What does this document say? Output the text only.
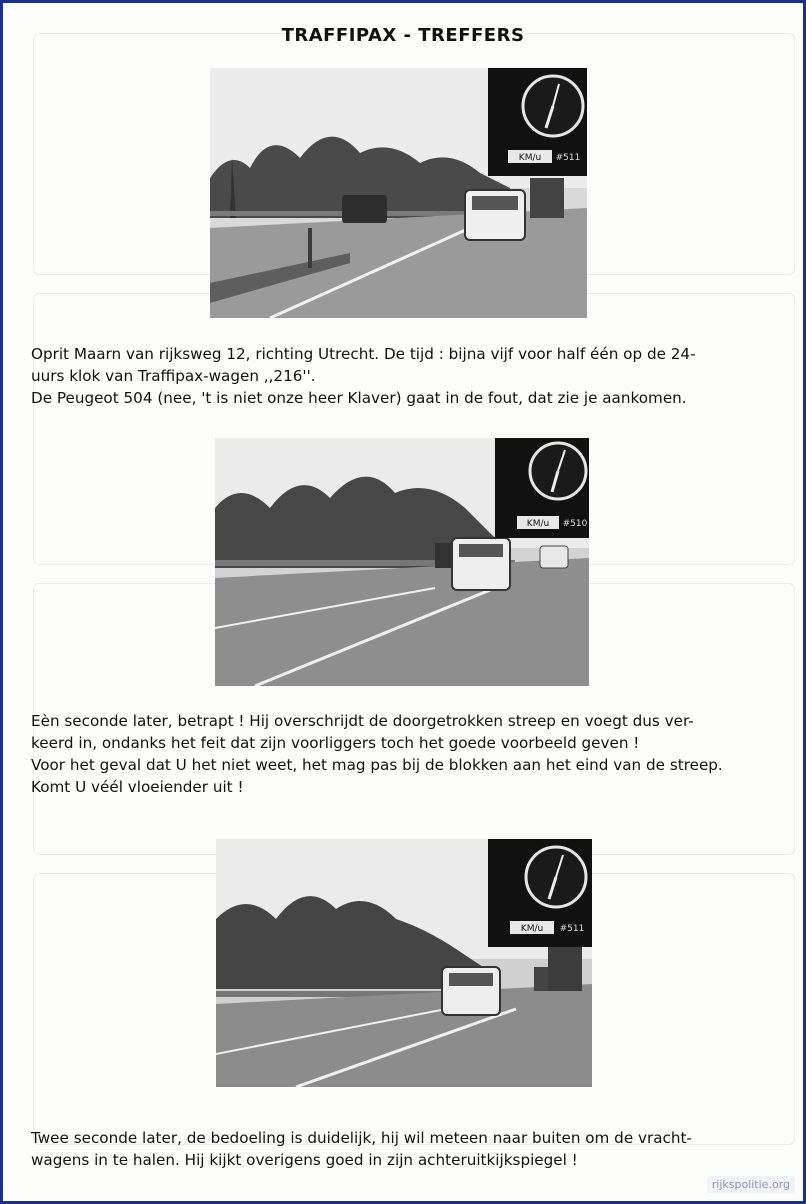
TRAFFIPAX - TREFFERS
KM/u #511

Oprit Maarn van rijksweg 12, richting Utrecht. De tijd : bijna vijf voor half één op de 24-

uurs klok van Traffipax-wagen ,,216''.

De Peugeot 504 (nee, 't is niet onze heer Klaver) gaat in de fout, dat zie je aankomen.

KM/u #510

Eèn seconde later, betrapt ! Hij overschrijdt de doorgetrokken streep en voegt dus ver-

keerd in, ondanks het feit dat zijn voorliggers toch het goede voorbeeld geven !

Voor het geval dat U het niet weet, het mag pas bij de blokken aan het eind van de streep.

Komt U véél vloeiender uit !

KM/u #511

Twee seconde later, de bedoeling is duidelijk, hij wil meteen naar buiten om de vracht-

wagens in te halen. Hij kijkt overigens goed in zijn achteruitkijkspiegel !

rijkspolitie.org
